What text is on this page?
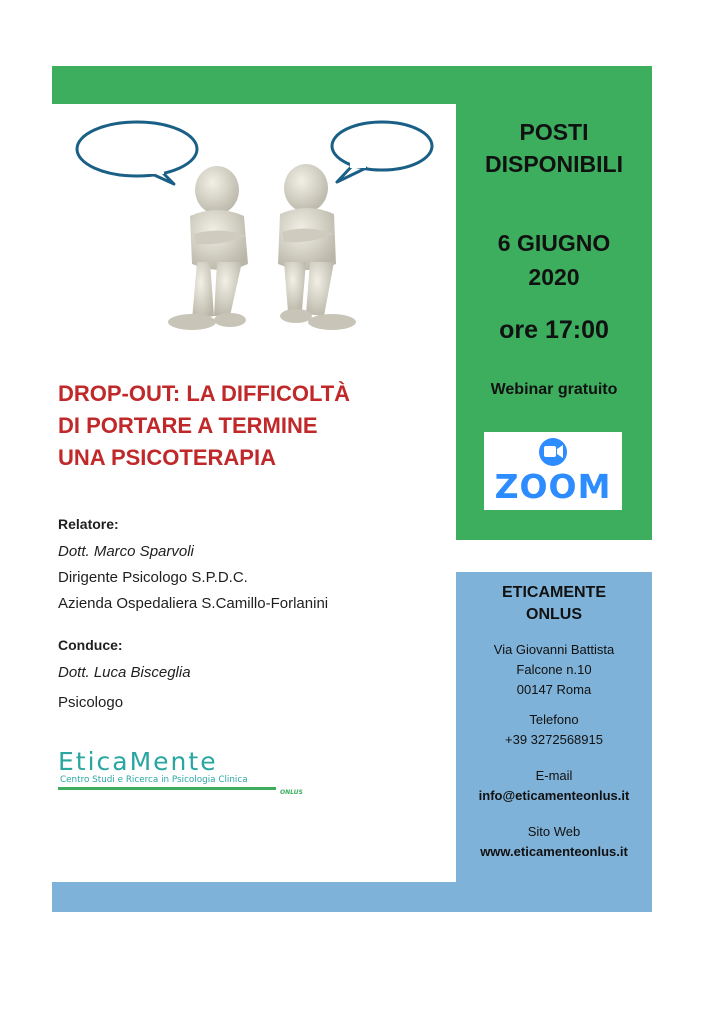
POSTI
DISPONIBILI
6 GIUGNO
2020
ore 17:00
Webinar gratuito
ZOOM
DROP-OUT: LA DIFFICOLTÀ
DI PORTARE A TERMINE
UNA PSICOTERAPIA
Relatore:
Dott. Marco Sparvoli
Dirigente Psicologo S.P.D.C.
Azienda Ospedaliera S.Camillo-Forlanini
Conduce:
Dott. Luca Bisceglia
Psicologo
EticaMente
Centro Studi e Ricerca in Psicologia Clinica
ONLUS
ETICAMENTE
ONLUS
Via Giovanni Battista
Falcone n.10
00147 Roma
Telefono
+39 3272568915
E-mail
info@eticamenteonlus.it
Sito Web
www.eticamenteonlus.it
